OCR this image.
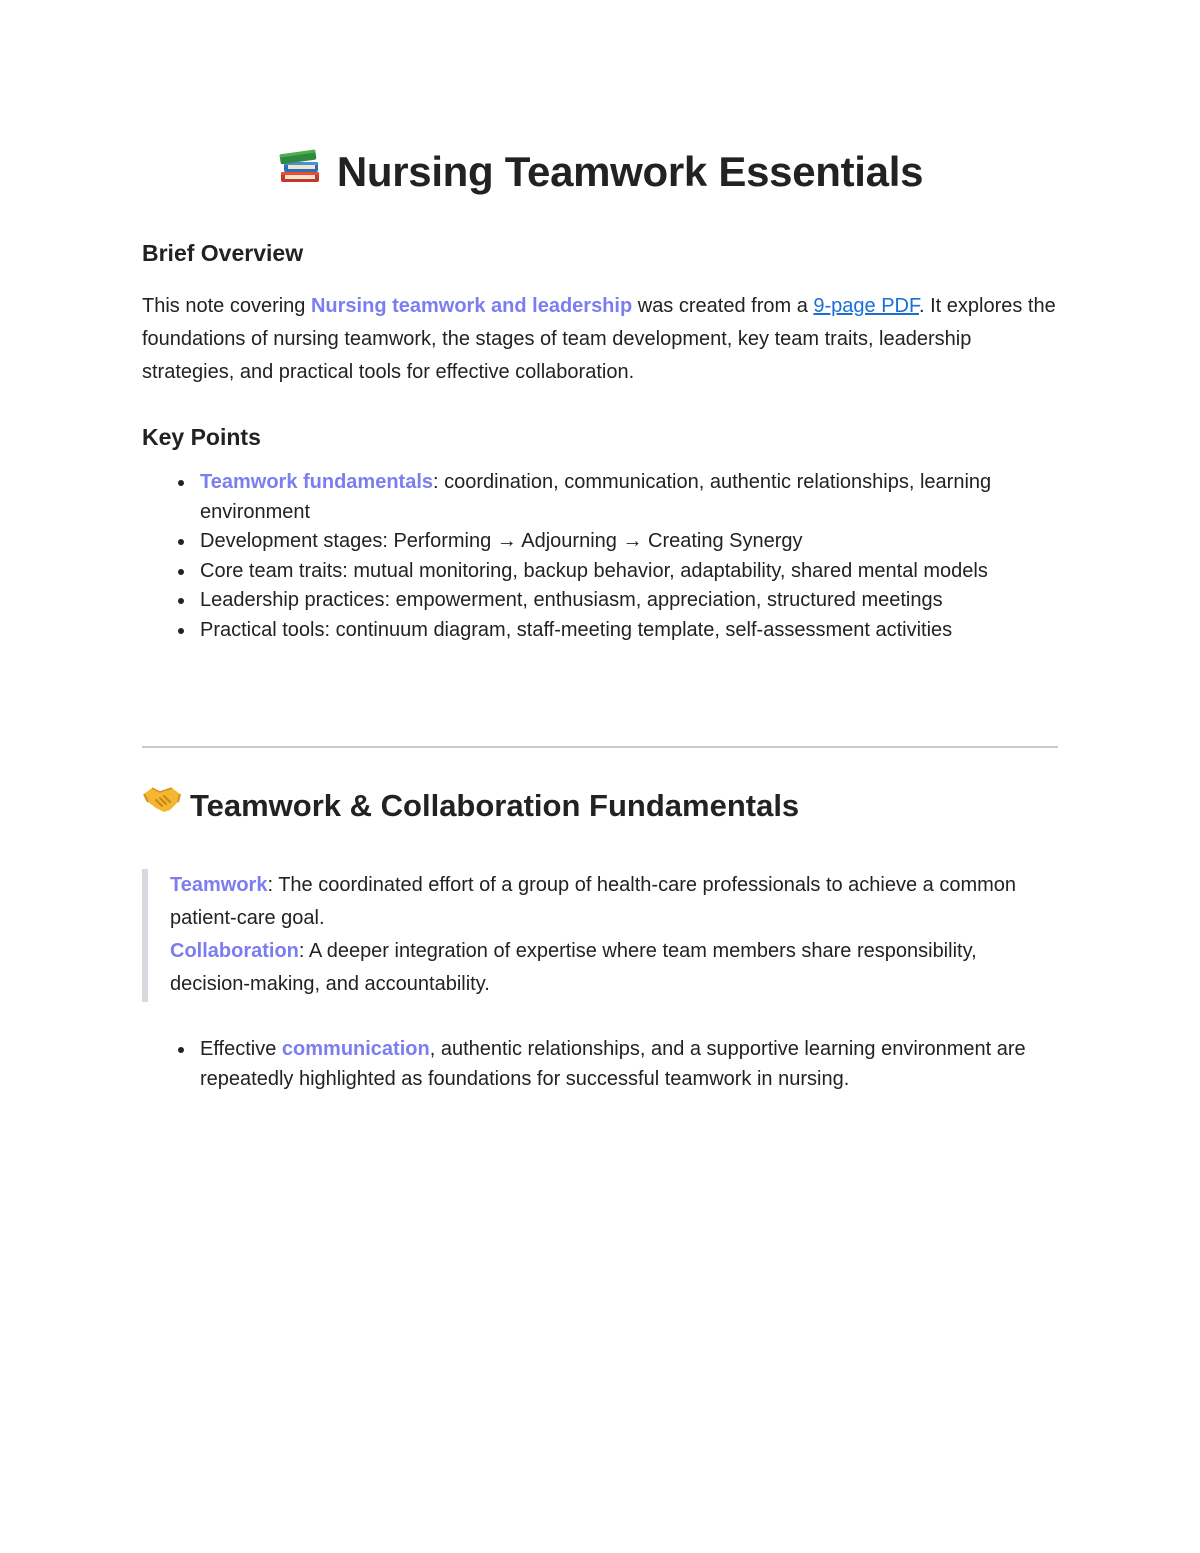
Nursing Teamwork Essentials
Brief Overview
This note covering Nursing teamwork and leadership was created from a 9-page PDF. It explores the foundations of nursing teamwork, the stages of team development, key team traits, leadership strategies, and practical tools for effective collaboration.
Key Points
Teamwork fundamentals: coordination, communication, authentic relationships, learning environment
Development stages: Performing → Adjourning → Creating Synergy
Core team traits: mutual monitoring, backup behavior, adaptability, shared mental models
Leadership practices: empowerment, enthusiasm, appreciation, structured meetings
Practical tools: continuum diagram, staff-meeting template, self-assessment activities
Teamwork & Collaboration Fundamentals
Teamwork: The coordinated effort of a group of health-care professionals to achieve a common patient-care goal.
Collaboration: A deeper integration of expertise where team members share responsibility, decision-making, and accountability.
Effective communication, authentic relationships, and a supportive learning environment are repeatedly highlighted as foundations for successful teamwork in nursing.
